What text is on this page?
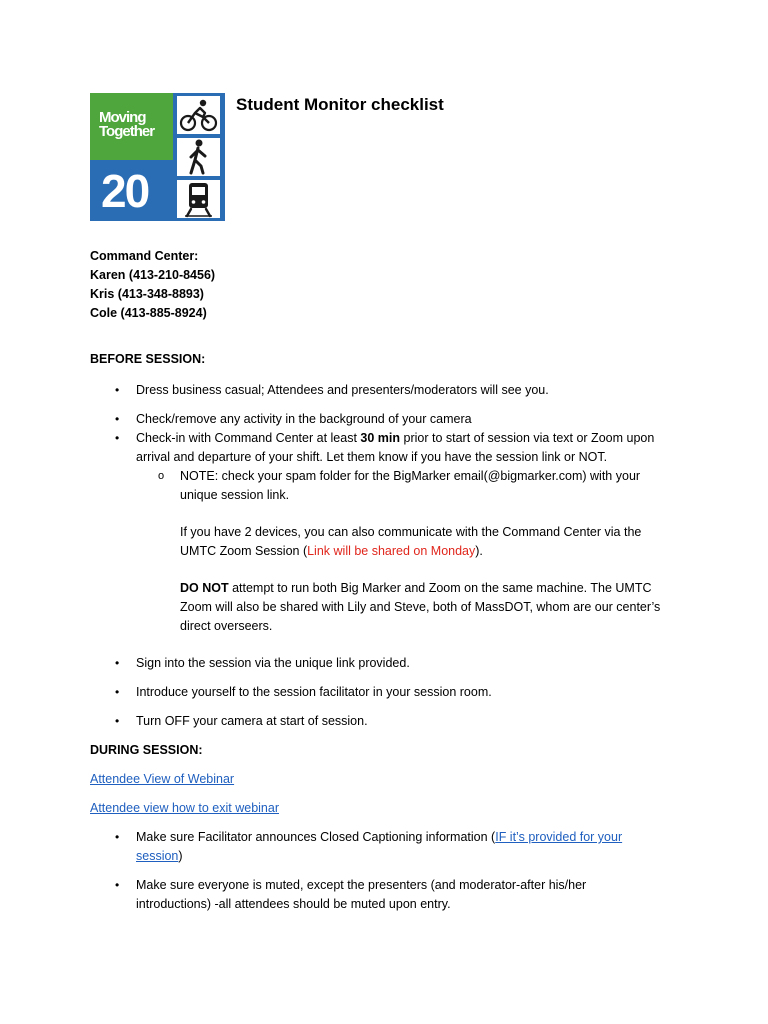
Moving
Together
20
Student Monitor checklist
Command Center:
Karen (413-210-8456)
Kris (413-348-8893)
Cole (413-885-8924)
BEFORE SESSION:
• Dress business casual; Attendees and presenters/moderators will see you.
• Check/remove any activity in the background of your camera
• Check-in with Command Center at least 30 min prior to start of session via text or Zoom upon arrival and departure of your shift. Let them know if you have the session link or NOT.
o NOTE: check your spam folder for the BigMarker email(@bigmarker.com) with your unique session link.
If you have 2 devices, you can also communicate with the Command Center via the UMTC Zoom Session (Link will be shared on Monday).
DO NOT attempt to run both Big Marker and Zoom on the same machine. The UMTC Zoom will also be shared with Lily and Steve, both of MassDOT, whom are our center’s direct overseers.
• Sign into the session via the unique link provided.
• Introduce yourself to the session facilitator in your session room.
• Turn OFF your camera at start of session.
DURING SESSION:
Attendee View of Webinar
Attendee view how to exit webinar
• Make sure Facilitator announces Closed Captioning information (IF it’s provided for your session)
• Make sure everyone is muted, except the presenters (and moderator-after his/her introductions) -all attendees should be muted upon entry.
